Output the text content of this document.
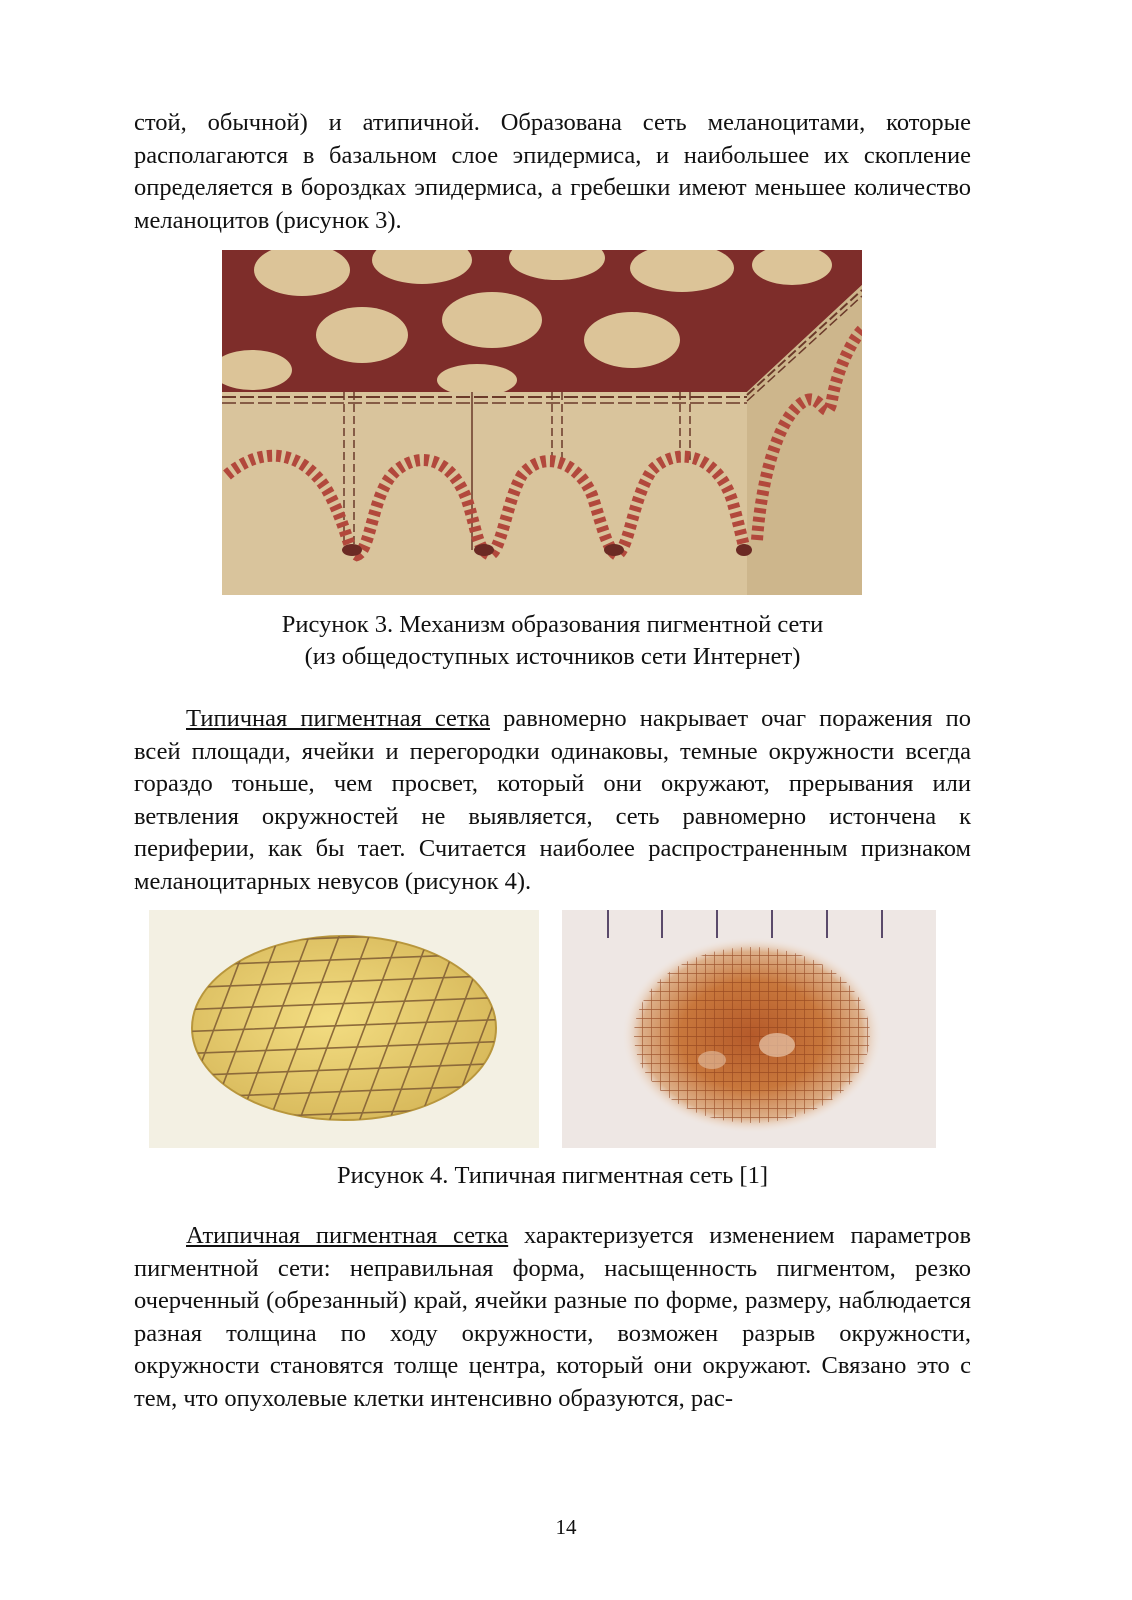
стой, обычной) и атипичной. Образована сеть меланоцитами, которые располагаются в базальном слое эпидермиса, и наибольшее их скопление определяется в бороздках эпидермиса, а гребешки имеют меньшее количество меланоцитов (рисунок 3).

Рисунок 3. Механизм образования пигментной сети

(из общедоступных источников сети Интернет)

Типичная пигментная сетка равномерно накрывает очаг поражения по всей площади, ячейки и перегородки одинаковы, темные окружности всегда гораздо тоньше, чем просвет, который они окружают, прерывания или ветвления окружностей не выявляется, сеть равномерно истончена к периферии, как бы тает. Считается наиболее распространенным признаком меланоцитарных невусов (рисунок 4).

Рисунок 4. Типичная пигментная сеть [1]

Атипичная пигментная сетка характеризуется изменением параметров пигментной сети: неправильная форма, насыщенность пигментом, резко очерченный (обрезанный) край, ячейки разные по форме, размеру, наблюдается разная толщина по ходу окружности, возможен разрыв окружности, окружности становятся толще центра, который они окружают. Связано это с тем, что опухолевые клетки интенсивно образуются, рас-

14
